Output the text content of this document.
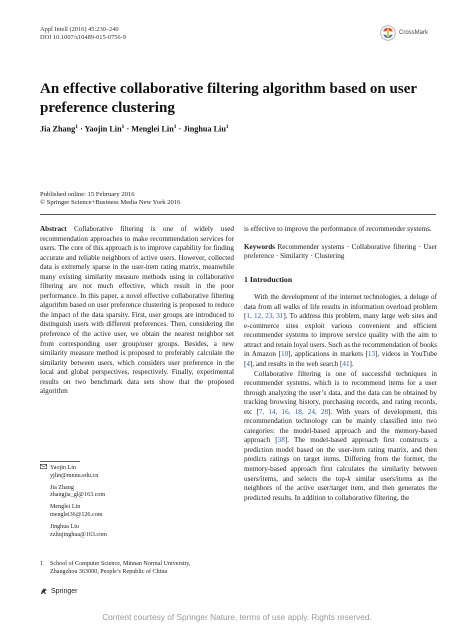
Appl Intell (2016) 45:230–240
DOI 10.1007/s10489-015-0756-9
CrossMark
An effective collaborative filtering algorithm based on user preference clustering
Jia Zhang$^1$ · Yaojin Lin$^1$ · Menglei Lin$^1$ · Jinghua Liu$^1$
Published online: 15 February 2016
© Springer Science+Business Media New York 2016

Abstract Collaborative filtering is one of widely used recommendation approaches to make recommendation services for users. The core of this approach is to improve capability for finding accurate and reliable neighbors of active users. However, collected data is extremely sparse in the user-item rating matrix, meanwhile many existing similarity measure methods using in collaborative filtering are not much effective, which result in the poor performance. In this paper, a novel effective collaborative filtering algorithm based on user preference clustering is proposed to reduce the impact of the data sparsity. First, user groups are introduced to distinguish users with different preferences. Then, considering the preference of the active user, we obtain the nearest neighbor set from corresponding user group/user groups. Besides, a new similarity measure method is proposed to preferably calculate the similarity between users, which considers user preference in the local and global perspectives, respectively. Finally, experimental results on two benchmark data sets show that the proposed algorithm

is effective to improve the performance of recommender systems.

Keywords Recommender systems · Collaborative filtering · User preference · Similarity · Clustering

1 Introduction

With the development of the internet technologies, a deluge of data from all walks of life results in information overload problem [1, 12, 23, 31]. To address this problem, many large web sites and e-commerce sites exploit various convenient and efficient recommender systems to improve service quality with the aim to attract and retain loyal users. Such as the recommendation of books in Amazon [10], applications in markets [13], videos in YouTube [4], and results in the web search [41].

Collaborative filtering is one of successful techniques in recommender systems, which is to recommend items for a user through analyzing the user’s data, and the data can be obtained by tracking browsing history, purchasing records, and rating records, etc [7, 14, 16, 18, 24, 28]. With years of development, this recommendation technology can be mainly classified into two categories: the model-based approach and the memory-based approach [38]. The model-based approach first constructs a prediction model based on the user-item rating matrix, and then predicts ratings on target items. Differing from the former, the memory-based approach first calculates the similarity between users/items, and selects the top-k similar users/items as the neighbors of the active user/target item, and then generates the predicted results. In addition to collaborative filtering, the

Yaojin Lin
yjlin@mnnu.edu.cn
Jia Zhang
zhangjia_gl@163.com
Menglei Lin
menglei36@126.com
Jinghua Liu
zzliujinghua@163.com
1	School of Computer Science, Minnan Normal University,
Zhangzhou 363000, People’s Republic of China
Springer
Content courtesy of Springer Nature, terms of use apply. Rights reserved.
